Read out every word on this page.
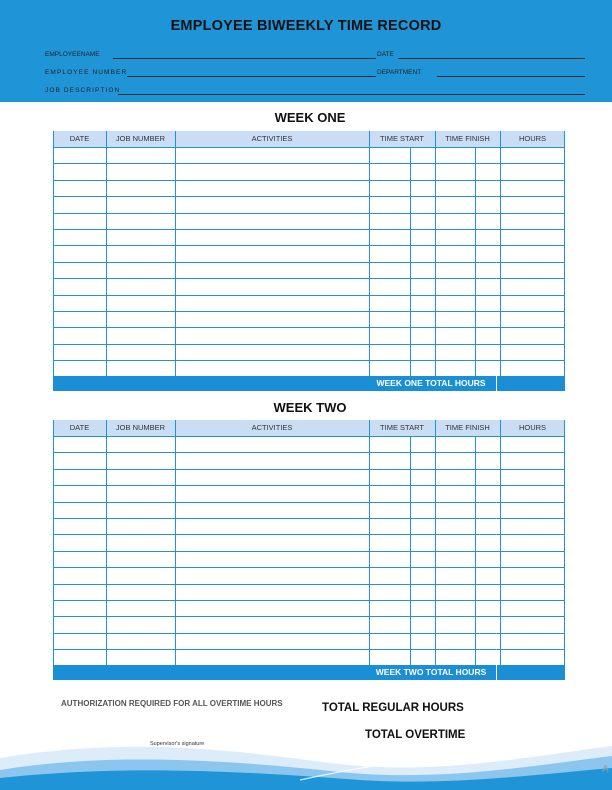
EMPLOYEE BIWEEKLY TIME RECORD
EMPLOYEENAME	DATE
EMPLOYEE NUMBER	DEPARTMENT
JOB DESCRIPTION
WEEK ONE
DATE	JOB NUMBER	ACTIVITIES	TIME START	TIME FINISH	HOURS
WEEK ONE TOTAL HOURS
WEEK TWO
DATE	JOB NUMBER	ACTIVITIES	TIME START	TIME FINISH	HOURS
WEEK TWO TOTAL HOURS
AUTHORIZATION REQUIRED FOR ALL OVERTIME HOURS	TOTAL REGULAR HOURS
TOTAL OVERTIME
Supervisor's signature
A
